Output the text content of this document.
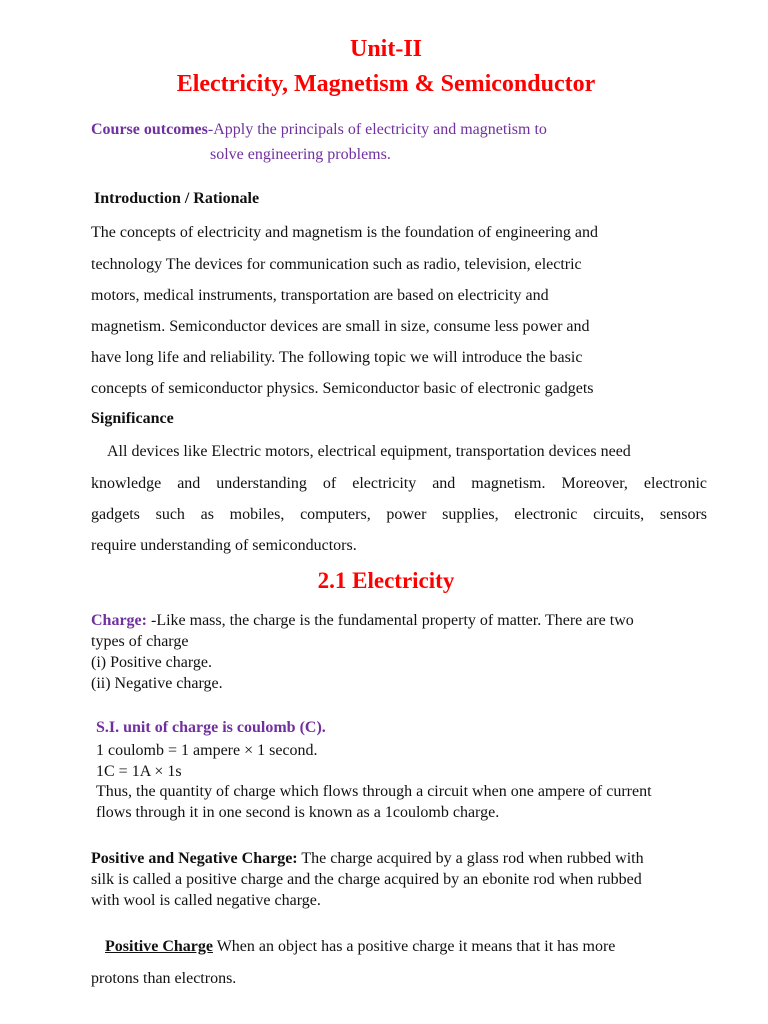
Unit-II
Electricity, Magnetism & Semiconductor
Course outcomes-Apply the principals of electricity and magnetism to
solve engineering problems.
Introduction / Rationale
The concepts of electricity and magnetism is the foundation of engineering and
technology The devices for communication such as radio, television, electric
motors, medical instruments, transportation are based on electricity and
magnetism. Semiconductor devices are small in size, consume less power and
have long life and reliability. The following topic we will introduce the basic
concepts of semiconductor physics. Semiconductor basic of electronic gadgets
Significance
All devices like Electric motors, electrical equipment, transportation devices need
knowledge and understanding of electricity and magnetism. Moreover, electronic
gadgets such as mobiles, computers, power supplies, electronic circuits, sensors
require understanding of semiconductors.
2.1 Electricity
Charge: -Like mass, the charge is the fundamental property of matter. There are two
types of charge
(i) Positive charge.
(ii) Negative charge.
S.I. unit of charge is coulomb (C).
1 coulomb = 1 ampere × 1 second.
1C = 1A × 1s
Thus, the quantity of charge which flows through a circuit when one ampere of current
flows through it in one second is known as a 1coulomb charge.
Positive and Negative Charge: The charge acquired by a glass rod when rubbed with
silk is called a positive charge and the charge acquired by an ebonite rod when rubbed
with wool is called negative charge.
Positive Charge When an object has a positive charge it means that it has more
protons than electrons.
